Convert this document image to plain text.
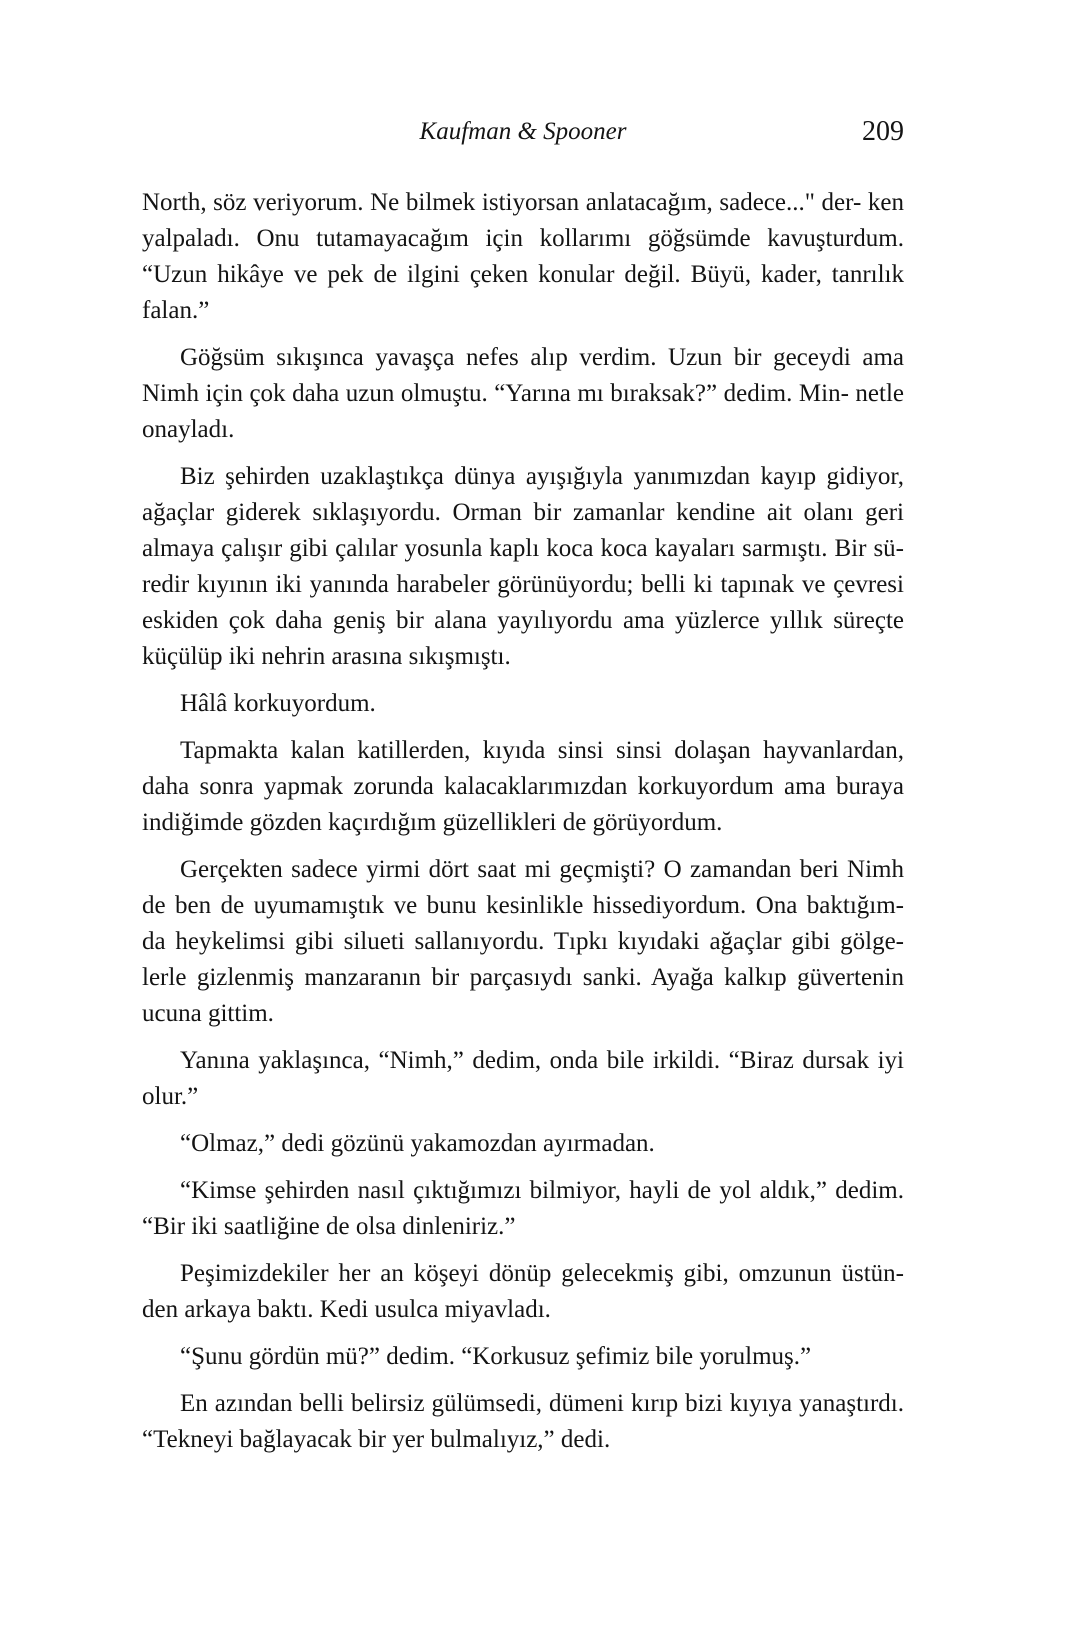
Kaufman & Spooner	209

North, söz veriyorum. Ne bilmek istiyorsan anlatacağım, sadece..." der- ken yalpaladı. Onu tutamayacağım için kollarımı göğsümde kavuşturdum. “Uzun hikâye ve pek de ilgini çeken konular değil. Büyü, kader, tanrılık falan.”

Göğsüm sıkışınca yavaşça nefes alıp verdim. Uzun bir geceydi ama Nimh için çok daha uzun olmuştu. “Yarına mı bıraksak?” dedim. Min- netle onayladı.

Biz şehirden uzaklaştıkça dünya ayışığıyla yanımızdan kayıp gidiyor, ağaçlar giderek sıklaşıyordu. Orman bir zamanlar kendine ait olanı geri almaya çalışır gibi çalılar yosunla kaplı koca koca kayaları sarmıştı. Bir sü- redir kıyının iki yanında harabeler görünüyordu; belli ki tapınak ve çevresi eskiden çok daha geniş bir alana yayılıyordu ama yüzlerce yıllık süreçte küçülüp iki nehrin arasına sıkışmıştı.

Hâlâ korkuyordum.

Tapmakta kalan katillerden, kıyıda sinsi sinsi dolaşan hayvanlardan, daha sonra yapmak zorunda kalacaklarımızdan korkuyordum ama buraya indiğimde gözden kaçırdığım güzellikleri de görüyordum.

Gerçekten sadece yirmi dört saat mi geçmişti? O zamandan beri Nimh de ben de uyumamıştık ve bunu kesinlikle hissediyordum. Ona baktığım- da heykelimsi gibi silueti sallanıyordu. Tıpkı kıyıdaki ağaçlar gibi gölge- lerle gizlenmiş manzaranın bir parçasıydı sanki. Ayağa kalkıp güvertenin ucuna gittim.

Yanına yaklaşınca, “Nimh,” dedim, onda bile irkildi. “Biraz dursak iyi olur.”

“Olmaz,” dedi gözünü yakamozdan ayırmadan.

“Kimse şehirden nasıl çıktığımızı bilmiyor, hayli de yol aldık,” dedim. “Bir iki saatliğine de olsa dinleniriz.”

Peşimizdekiler her an köşeyi dönüp gelecekmiş gibi, omzunun üstün- den arkaya baktı. Kedi usulca miyavladı.

“Şunu gördün mü?” dedim. “Korkusuz şefimiz bile yorulmuş.”

En azından belli belirsiz gülümsedi, dümeni kırıp bizi kıyıya yanaştırdı. “Tekneyi bağlayacak bir yer bulmalıyız,” dedi.
